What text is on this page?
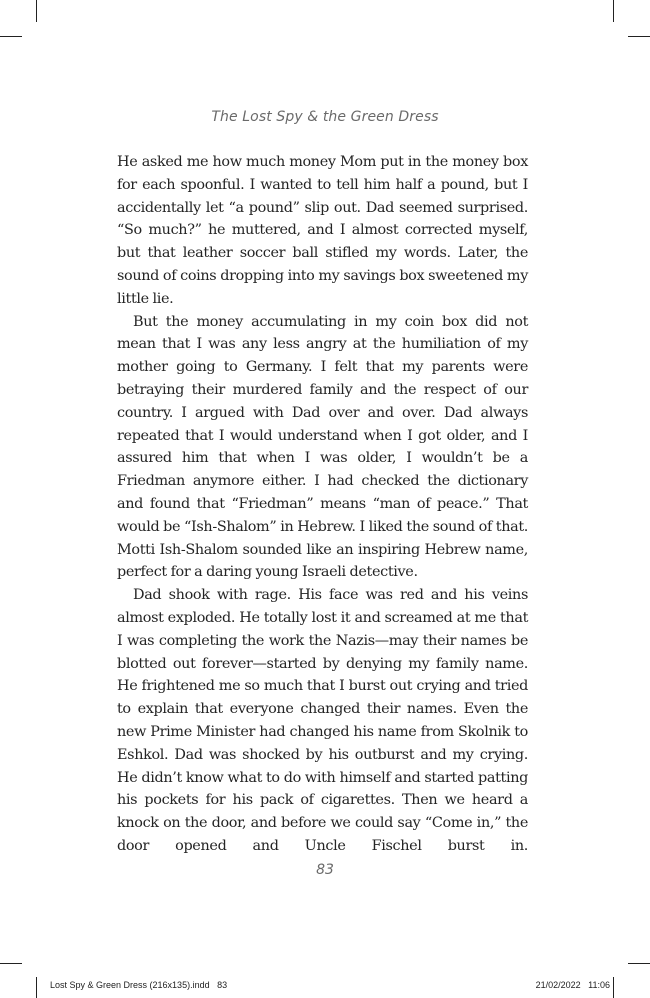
The Lost Spy & the Green Dress

He asked me how much money Mom put in the money box for each spoonful. I wanted to tell him half a pound, but I accidentally let “a pound” slip out. Dad seemed surprised. “So much?” he muttered, and I almost corrected myself, but that leather soccer ball stifled my words. Later, the sound of coins dropping into my savings box sweetened my little lie.

But the money accumulating in my coin box did not mean that I was any less angry at the humiliation of my mother going to Germany. I felt that my parents were betraying their murdered family and the respect of our country. I argued with Dad over and over. Dad always repeated that I would understand when I got older, and I assured him that when I was older, I wouldn’t be a Friedman anymore either. I had checked the dictionary and found that “Friedman” means “man of peace.” That would be “Ish-Shalom” in Hebrew. I liked the sound of that. Motti Ish-Shalom sounded like an inspiring Hebrew name, perfect for a daring young Israeli detective.

Dad shook with rage. His face was red and his veins almost exploded. He totally lost it and screamed at me that I was completing the work the Nazis—may their names be blotted out forever—started by denying my family name. He frightened me so much that I burst out crying and tried to explain that everyone changed their names. Even the new Prime Minister had changed his name from Skolnik to Eshkol. Dad was shocked by his outburst and my crying. He didn’t know what to do with himself and started patting his pockets for his pack of cigarettes. Then we heard a knock on the door, and before we could say “Come in,” the door opened and Uncle Fischel burst in.

83
Lost Spy & Green Dress (216x135).indd   83	21/02/2022   11:06
